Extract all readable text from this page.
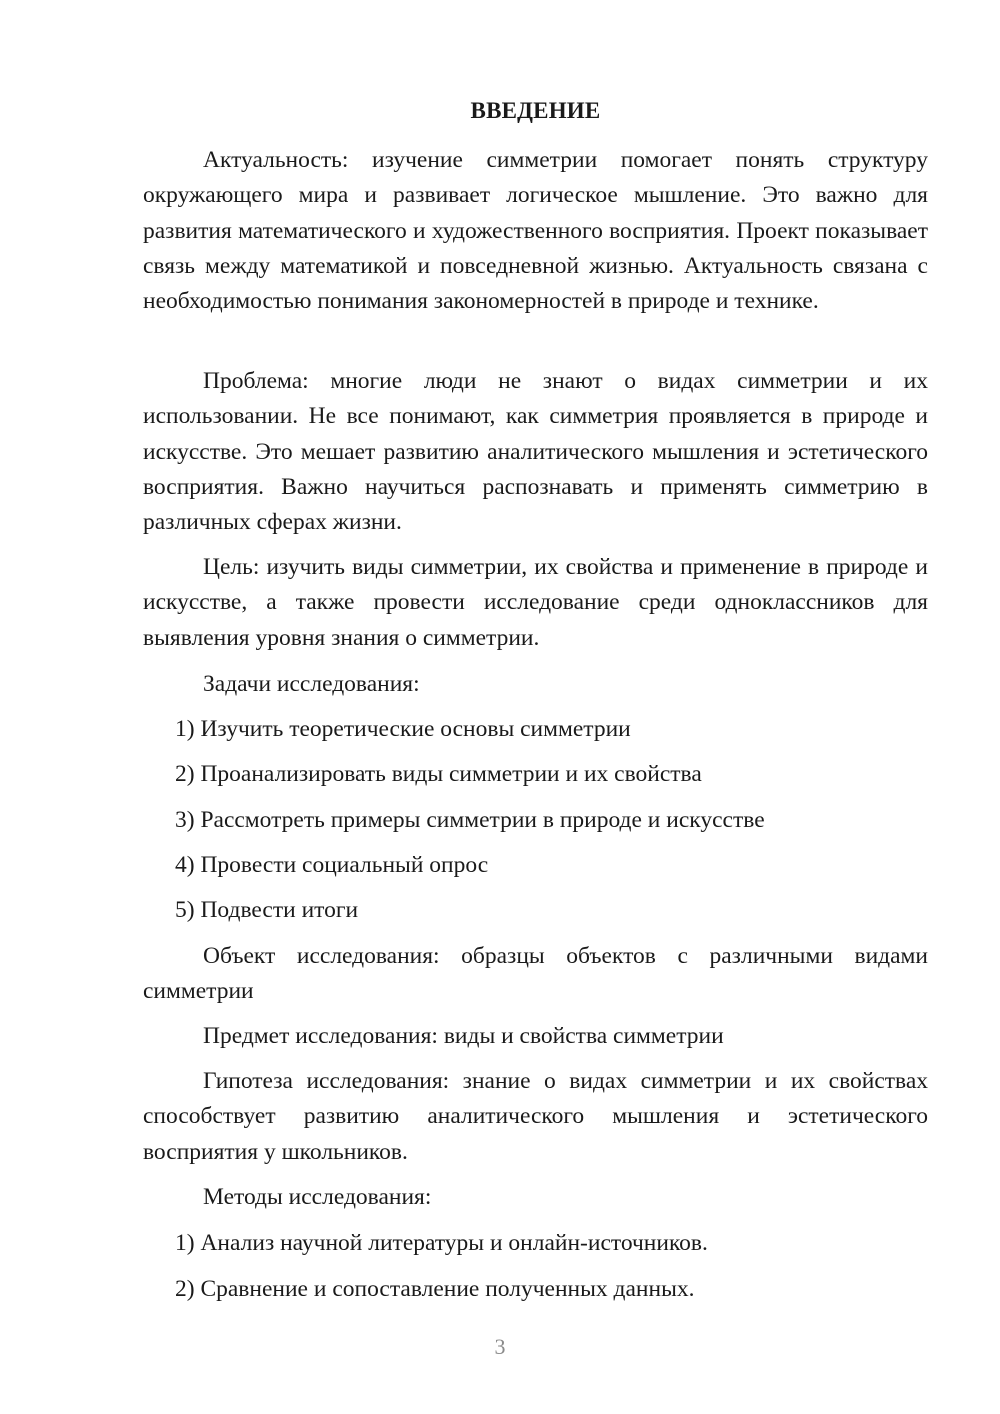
ВВЕДЕНИЕ

Актуальность: изучение симметрии помогает понять структуру окружающего мира и развивает логическое мышление. Это важно для развития математического и художественного восприятия. Проект показывает связь между математикой и повседневной жизнью. Актуальность связана с необходимостью понимания закономерностей в природе и технике.

Проблема: многие люди не знают о видах симметрии и их использовании. Не все понимают, как симметрия проявляется в природе и искусстве. Это мешает развитию аналитического мышления и эстетического восприятия. Важно научиться распознавать и применять симметрию в различных сферах жизни.

Цель: изучить виды симметрии, их свойства и применение в природе и искусстве, а также провести исследование среди одноклассников для выявления уровня знания о симметрии.

Задачи исследования:

1) Изучить теоретические основы симметрии

2) Проанализировать виды симметрии и их свойства

3) Рассмотреть примеры симметрии в природе и искусстве

4) Провести социальный опрос

5) Подвести итоги

Объект исследования: образцы объектов с различными видами симметрии

Предмет исследования: виды и свойства симметрии

Гипотеза исследования: знание о видах симметрии и их свойствах способствует развитию аналитического мышления и эстетического восприятия у школьников.

Методы исследования:

1) Анализ научной литературы и онлайн-источников.

2) Сравнение и сопоставление полученных данных.

3
